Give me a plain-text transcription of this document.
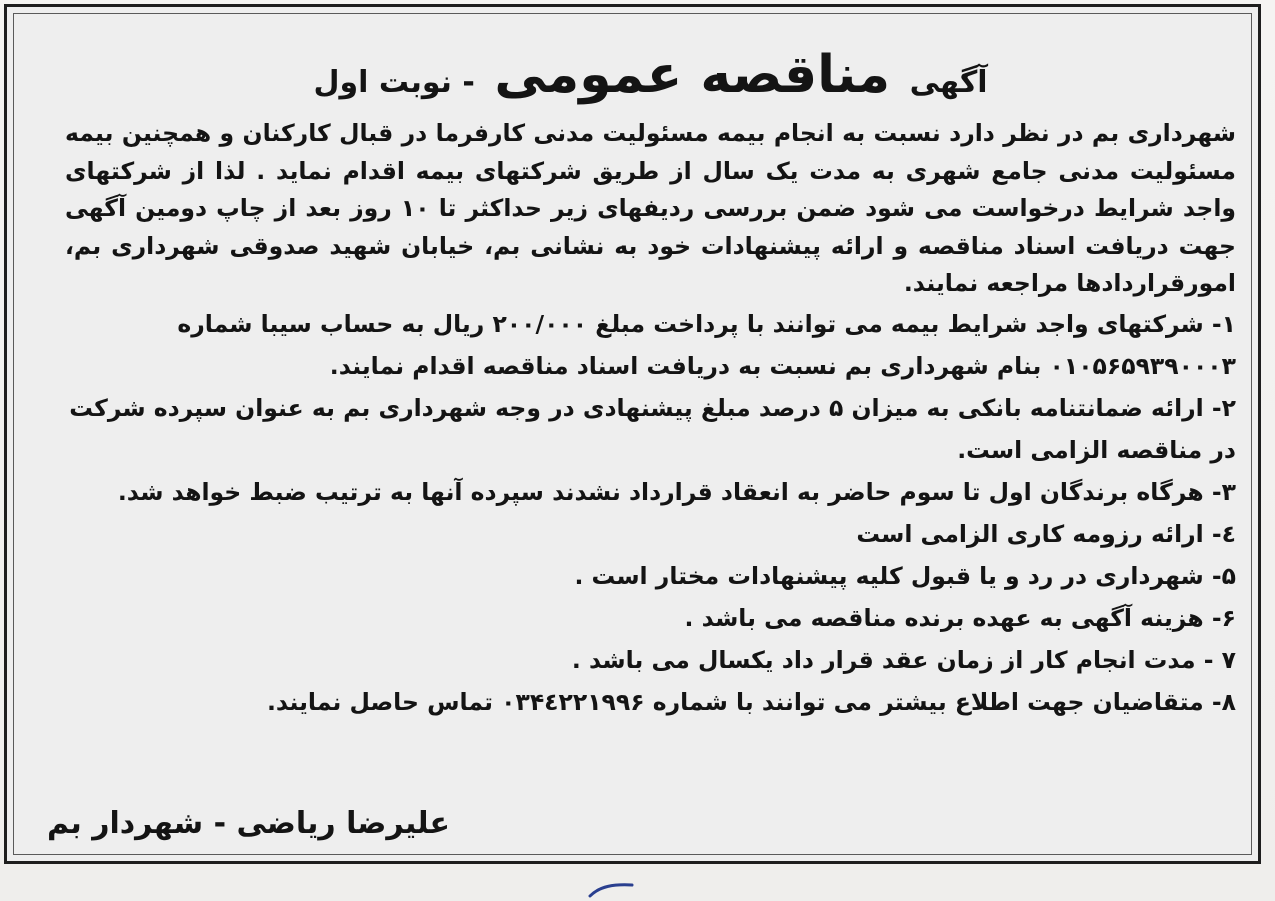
آگهی مناقصه عمومی - نوبت اول

شهرداری بم در نظر دارد نسبت به انجام بیمه مسئولیت مدنی کارفرما در قبال کارکنان و همچنین بیمه مسئولیت مدنی جامع شهری به مدت یک سال از طریق شرکتهای بیمه اقدام نماید . لذا از شرکتهای واجد شرایط درخواست می شود ضمن بررسی ردیفهای زیر حداکثر تا ۱۰ روز بعد از چاپ دومین آگهی جهت دریافت اسناد مناقصه و ارائه پیشنهادات خود به نشانی بم، خیابان شهید صدوقی شهرداری بم، امورقراردادها مراجعه نمایند.

۱- شرکتهای واجد شرایط بیمه می توانند با پرداخت مبلغ ۲۰۰/۰۰۰ ریال به حساب سیبا شماره ۰۱۰۵۶۵۹۳۹۰۰۰۳ بنام شهرداری بم نسبت به دریافت اسناد مناقصه اقدام نمایند.
۲- ارائه ضمانتنامه بانکی به میزان ۵ درصد مبلغ پیشنهادی در وجه شهرداری بم به عنوان سپرده شرکت در مناقصه الزامی است.
۳- هرگاه برندگان اول تا سوم حاضر به انعقاد قرارداد نشدند سپرده آنها به ترتیب ضبط خواهد شد.
٤- ارائه رزومه کاری الزامی است
۵- شهرداری در رد و یا قبول کلیه پیشنهادات مختار است .
۶- هزینه آگهی به عهده برنده مناقصه می باشد .
۷ - مدت انجام کار از زمان عقد قرار داد یکسال می باشد .
۸- متقاضیان جهت اطلاع بیشتر می توانند با شماره ۰۳۴٤۲۲۱۹۹۶ تماس حاصل نمایند.
علیرضا ریاضی - شهردار بم
